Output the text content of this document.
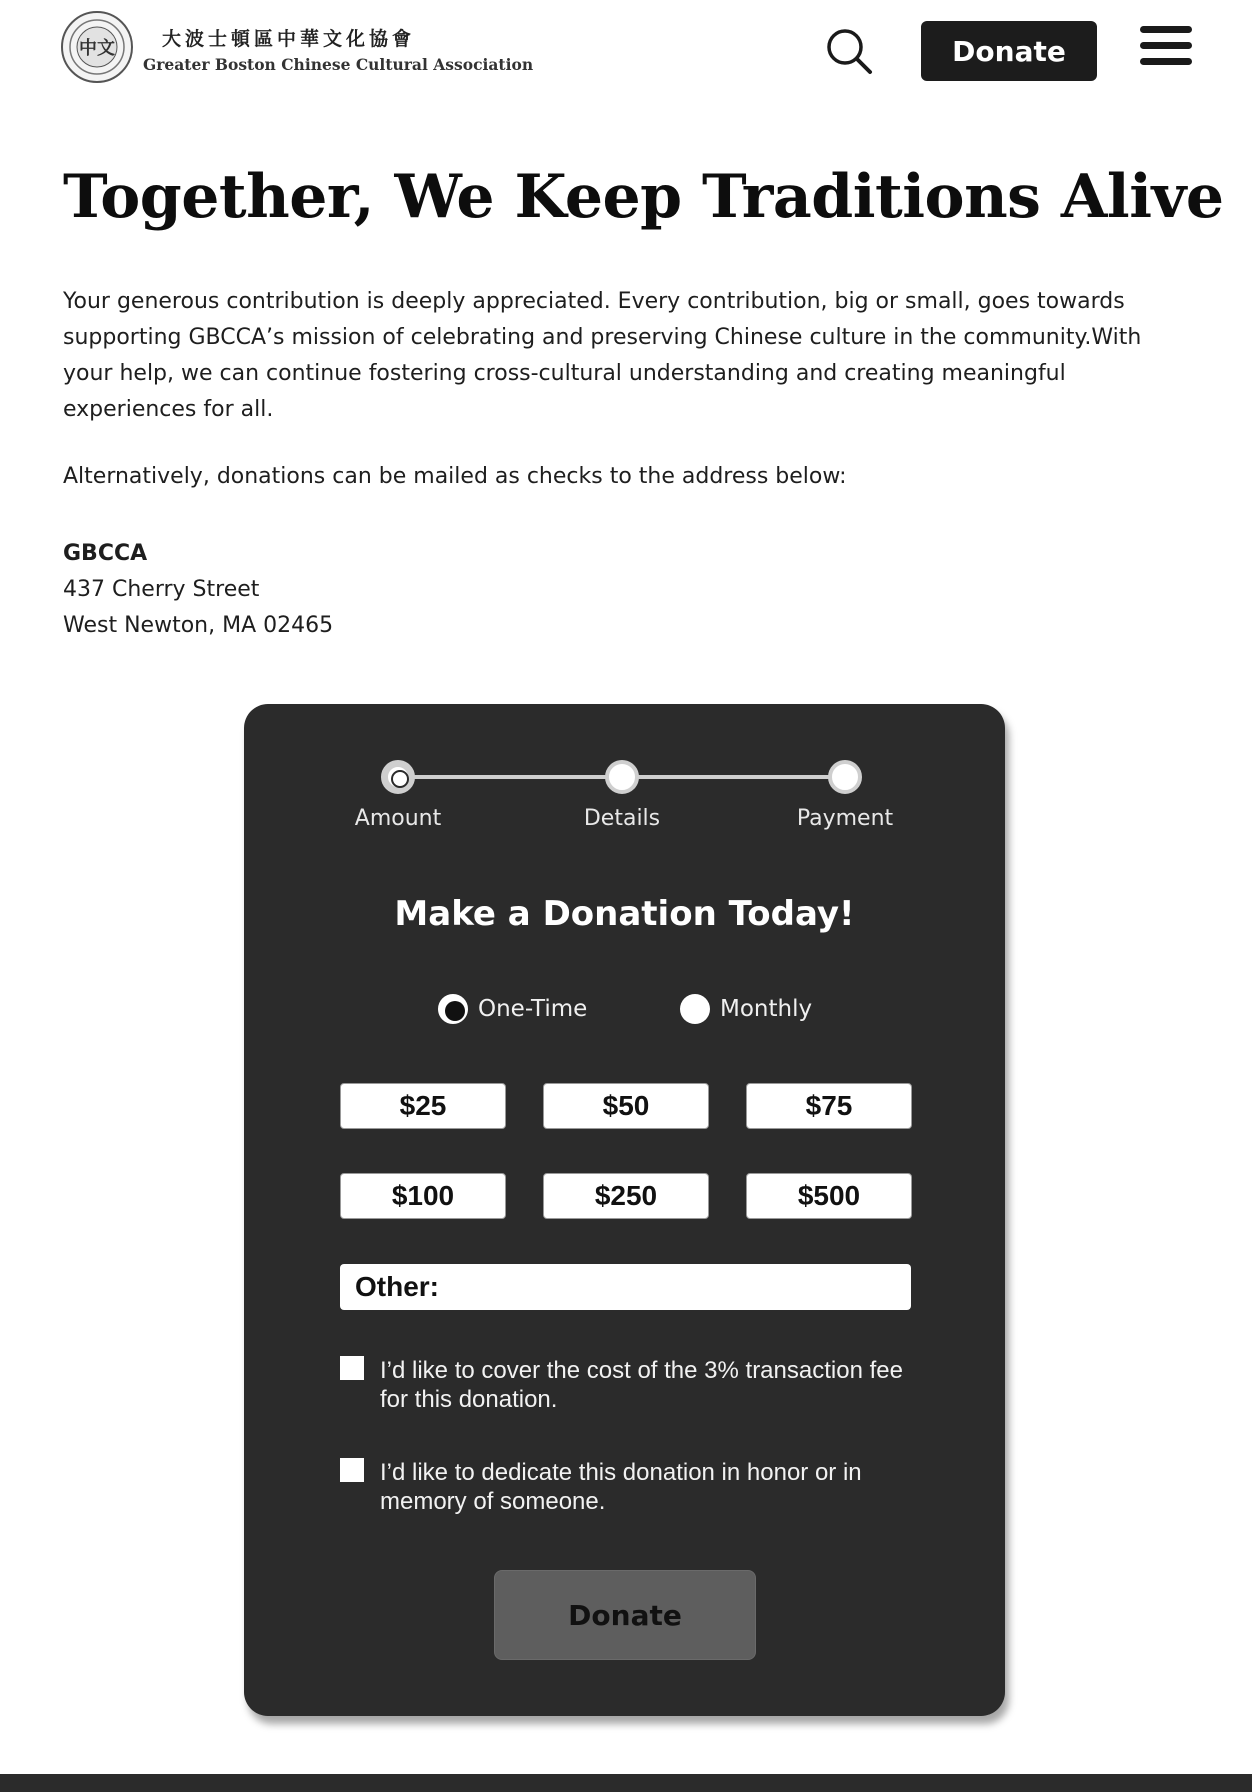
中文 大波士頓區中華文化協會
Greater Boston Chinese Cultural Association	Donate
Together, We Keep Traditions Alive

Your generous contribution is deeply appreciated. Every contribution, big or small, goes towards supporting GBCCA’s mission of celebrating and preserving Chinese culture in the community.With your help, we can continue fostering cross-cultural understanding and creating meaningful experiences for all.

Alternatively, donations can be mailed as checks to the address below:

GBCCA
437 Cherry Street
West Newton, MA 02465
Amount	Details	Payment
Make a Donation Today!
One-Time	Monthly
$25	$50	$75
$100	$250	$500
Other:
I’d like to cover the cost of the 3% transaction fee for this donation.
I’d like to dedicate this donation in honor or in memory of someone.
Donate
